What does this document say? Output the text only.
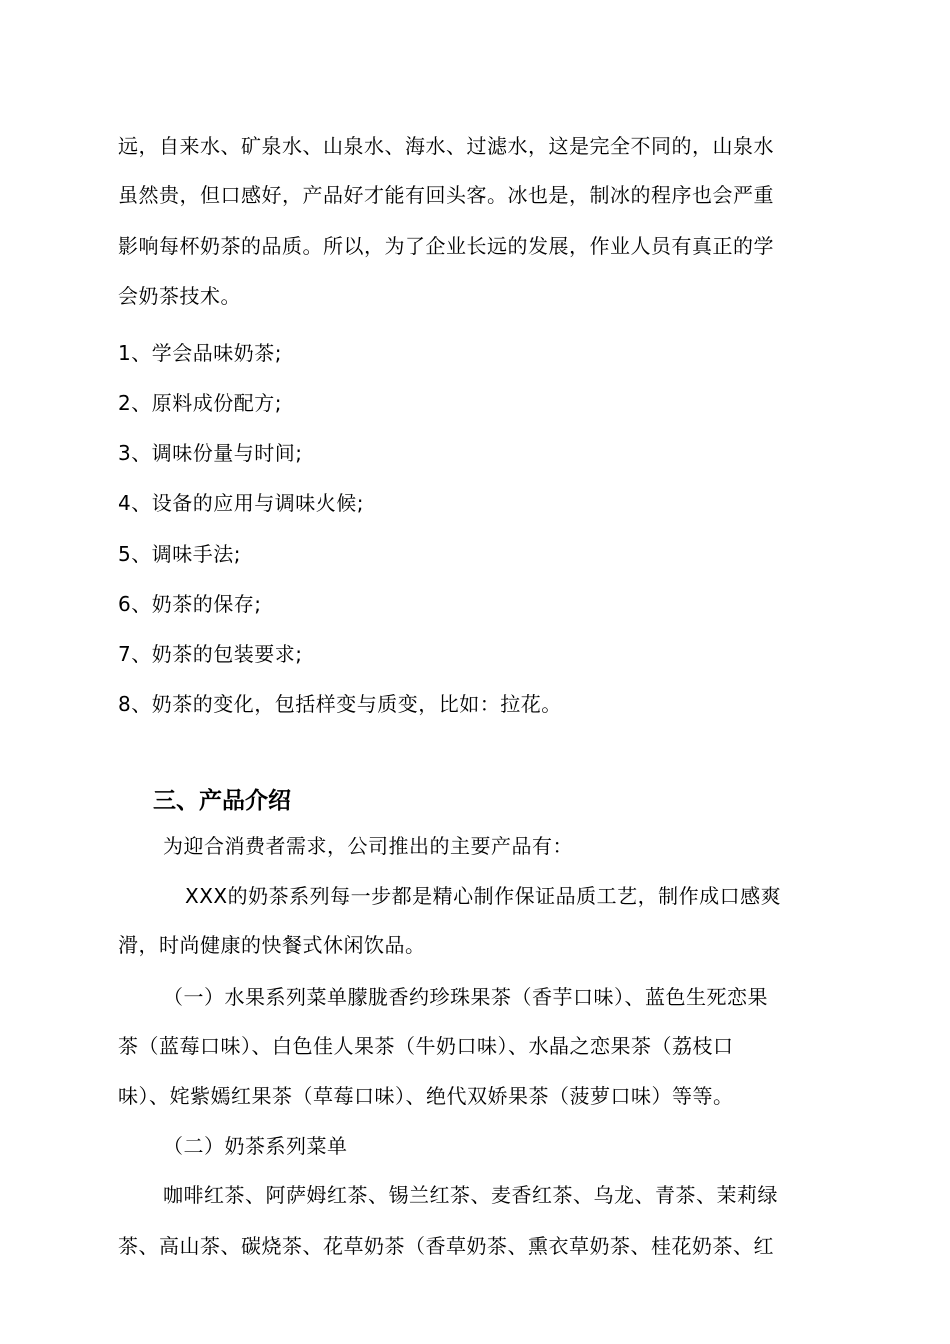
远，自来水、矿泉水、山泉水、海水、过滤水，这是完全不同的，山泉水
虽然贵，但口感好，产品好才能有回头客。冰也是，制冰的程序也会严重
影响每杯奶茶的品质。所以，为了企业长远的发展，作业人员有真正的学
会奶茶技术。
1、学会品味奶茶;
2、原料成份配方;
3、调味份量与时间;
4、设备的应用与调味火候;
5、调味手法;
6、奶茶的保存;
7、奶茶的包装要求;
8、奶茶的变化，包括样变与质变，比如：拉花。
三、产品介绍
为迎合消费者需求，公司推出的主要产品有：
XXX的奶茶系列每一步都是精心制作保证品质工艺，制作成口感爽
滑，时尚健康的快餐式休闲饮品。
（一）水果系列菜单朦胧香约珍珠果茶（香芋口味）、蓝色生死恋果
茶（蓝莓口味）、白色佳人果茶（牛奶口味）、水晶之恋果茶（荔枝口
味）、姹紫嫣红果茶（草莓口味）、绝代双娇果茶（菠萝口味）等等。
（二）奶茶系列菜单
咖啡红茶、阿萨姆红茶、锡兰红茶、麦香红茶、乌龙、青茶、茉莉绿
茶、高山茶、碳烧茶、花草奶茶（香草奶茶、熏衣草奶茶、桂花奶茶、红
